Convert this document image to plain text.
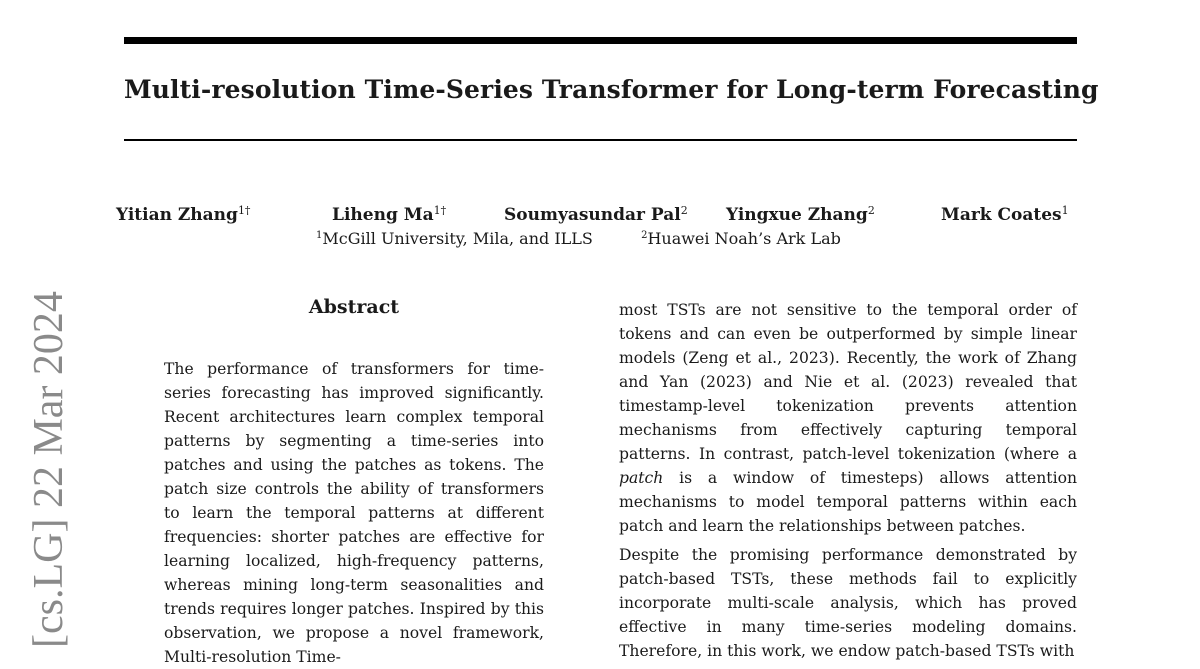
Multi-resolution Time-Series Transformer for Long-term Forecasting
Yitian Zhang$^{1\dagger}$	Liheng $Ma^{1\dagger}$	Soumyasundar Pal$^2$ Yingxue Zhang$^2$	Mark Coates$^1$
$^1$McGill University, Mila, and ILLS	$^2$Huawei Noah’s Ark Lab
[cs.LG] 22 Mar 2024	Abstract

The performance of transformers for time-series forecasting has improved significantly. Recent architectures learn complex temporal patterns by segmenting a time-series into patches and using the patches as tokens. The patch size controls the ability of transformers to learn the temporal patterns at different frequencies: shorter patches are effective for learning localized, high-frequency patterns, whereas mining long-term seasonalities and trends requires longer patches. Inspired by this observation, we propose a novel framework, Multi-resolution Time-

most TSTs are not sensitive to the temporal order of tokens and can even be outperformed by simple linear models (Zeng et al., 2023). Recently, the work of Zhang and Yan (2023) and Nie et al. (2023) revealed that timestamp-level tokenization prevents attention mechanisms from effectively capturing temporal patterns. In contrast, patch-level tokenization (where a patch is a window of timesteps) allows attention mechanisms to model temporal patterns within each patch and learn the relationships between patches.

Despite the promising performance demonstrated by patch-based TSTs, these methods fail to explicitly incorporate multi-scale analysis, which has proved effective in many time-series modeling domains. Therefore, in this work, we endow patch-based TSTs with
